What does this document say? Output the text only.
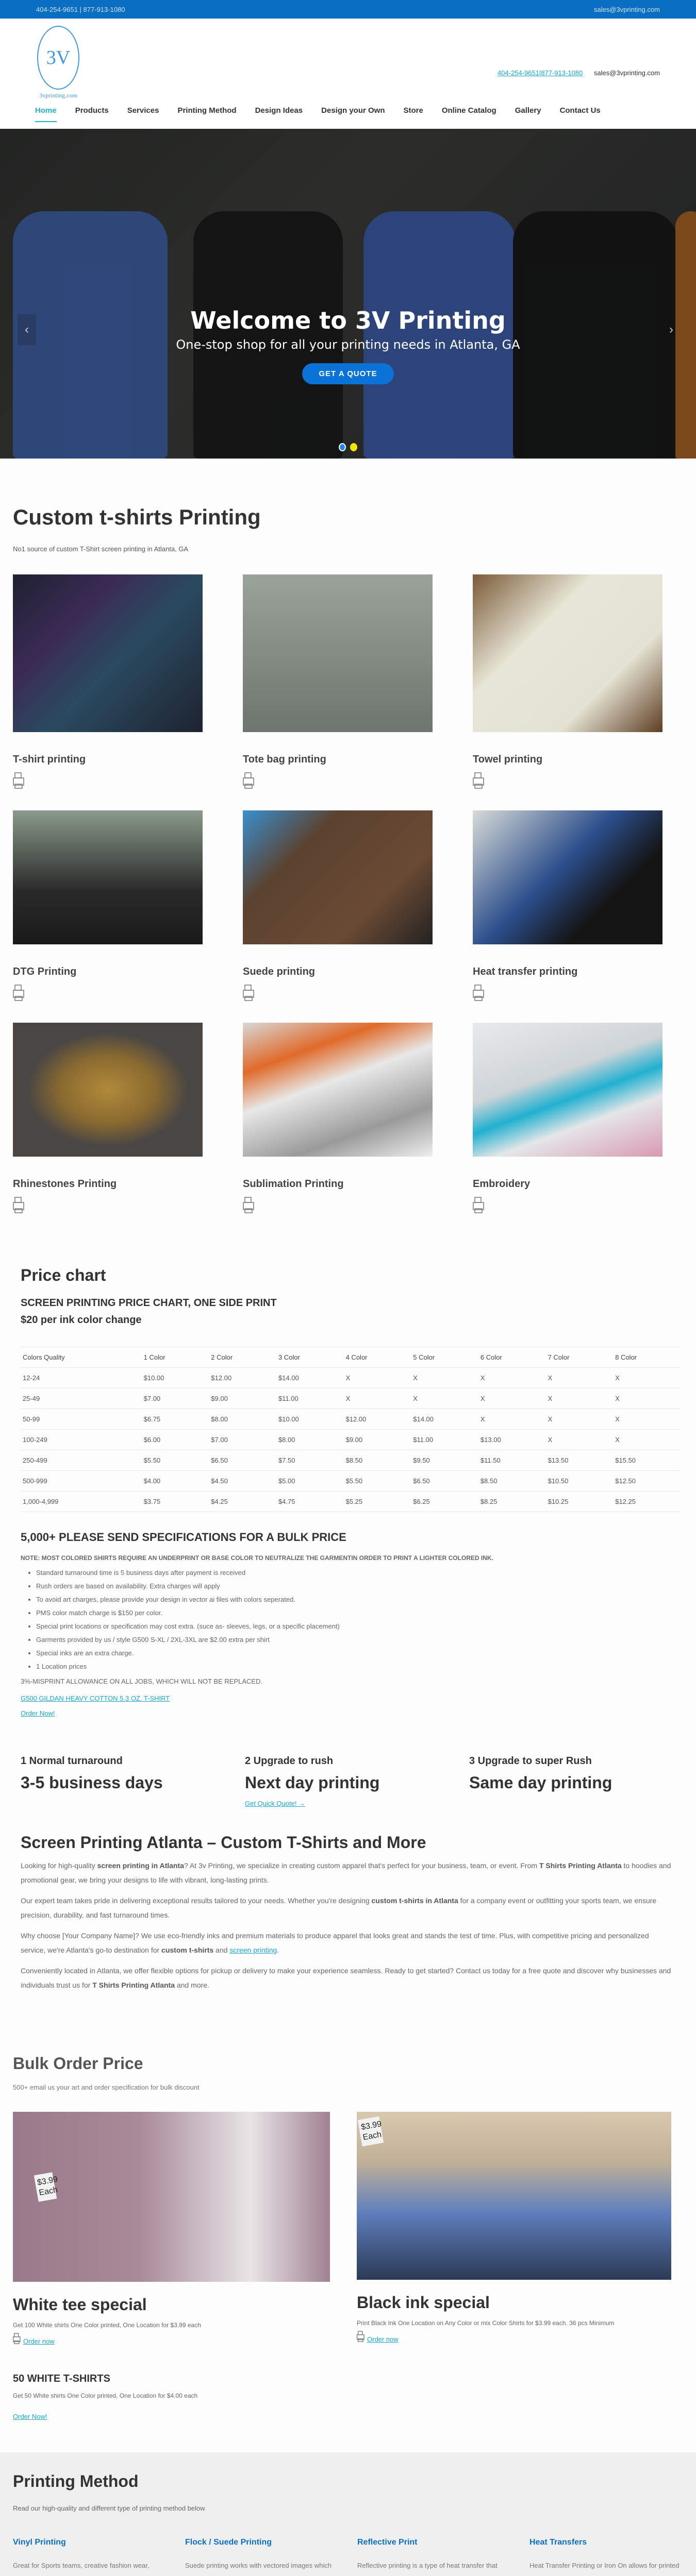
404-254-9651 | 877-913-1080	sales@3vprinting.com
3V
3vprinting.com
404-254-9651|877-913-1080 sales@3vprinting.com
Home Products Services Printing Method Design Ideas Design your Own Store Online Catalog Gallery Contact Us
Welcome to 3V Printing
One-stop shop for all your printing needs in Atlanta, GA
GET A QUOTE
‹	›

Custom t-shirts Printing
No1 source of custom T-Shirt screen printing in Atlanta, GA
T-shirt printing	Tote bag printing	Towel printing
DTG Printing	Suede printing	Heat transfer printing
Rhinestones Printing	Sublimation Printing	Embroidery
Price chart
SCREEN PRINTING PRICE CHART, ONE SIDE PRINT
$20 per ink color change
Colors Quality	1 Color	2 Color	3 Color	4 Color	5 Color	6 Color	7 Color	8 Color
12-24	$10.00	$12.00	$14.00	X	X	X	X	X
25-49	$7.00	$9.00	$11.00	X	X	X	X	X
50-99	$6.75	$8.00	$10.00	$12.00	$14.00	X	X	X
100-249	$6.00	$7.00	$8.00	$9.00	$11.00	$13.00	X	X
250-499	$5.50	$6.50	$7.50	$8.50	$9.50	$11.50	$13.50	$15.50
500-999	$4.00	$4.50	$5.00	$5.50	$6.50	$8.50	$10.50	$12.50
1,000-4,999	$3.75	$4.25	$4.75	$5.25	$6.25	$8.25	$10.25	$12.25
5,000+ PLEASE SEND SPECIFICATIONS FOR A BULK PRICE
NOTE: MOST COLORED SHIRTS REQUIRE AN UNDERPRINT OR BASE COLOR TO NEUTRALIZE THE GARMENTIN ORDER TO PRINT A LIGHTER COLORED INK.
• Standard turnaround time is 5 business days after payment is received
• Rush orders are based on availability. Extra charges will apply
• To avoid art charges, please provide your design in vector ai files with colors seperated.
• PMS color match charge is $150 per color.
• Special print locations or specification may cost extra. (suce as- sleeves, legs, or a specific placement)
• Garments provided by us / style G500 S-XL / 2XL-3XL are $2.00 extra per shirt
• Special inks are an extra charge.
• 1 Location prices
3%-MISPRINT ALLOWANCE ON ALL JOBS, WHICH WILL NOT BE REPLACED.
G500 GILDAN HEAVY COTTON 5.3 OZ. T-SHIRT
Order Now!
1 Normal turnaround
3-5 business days
2 Upgrade to rush
Next day printing
Get Quick Quote! →
3 Upgrade to super Rush
Same day printing
Screen Printing Atlanta – Custom T-Shirts and More

Looking for high-quality screen printing in Atlanta? At 3v Printing, we specialize in creating custom apparel that's perfect for your business, team, or event. From T Shirts Printing Atlanta to hoodies and promotional gear, we bring your designs to life with vibrant, long-lasting prints.

Our expert team takes pride in delivering exceptional results tailored to your needs. Whether you're designing custom t-shirts in Atlanta for a company event or outfitting your sports team, we ensure precision, durability, and fast turnaround times.

Why choose [Your Company Name]? We use eco-friendly inks and premium materials to produce apparel that looks great and stands the test of time. Plus, with competitive pricing and personalized service, we're Atlanta's go-to destination for custom t-shirts and screen printing.

Conveniently located in Atlanta, we offer flexible options for pickup or delivery to make your experience seamless. Ready to get started? Contact us today for a free quote and discover why businesses and individuals trust us for T Shirts Printing Atlanta and more.

Bulk Order Price
500+ email us your art and order specification for bulk discount
$3.99 Each
White tee special
Get 100 White shirts One Color printed, One Location for $3.99 each
Order now
$3.99 Each
Black ink special
Print Black Ink One Location on Any Color or mix Color Shirts for $3.99 each. 36 pcs Minimum
Order now
50 WHITE T-SHIRTS

Get 50 White shirts One Color printed, One Location for $4.00 each

Order Now!
Printing Method
Read our high-quality and different type of printing method below
Vinyl Printing

Great for Sports teams, creative fashion wear,

Flock / Suede Printing

Suede printing works with vectored images which

Reflective Print

Reflective printing is a type of heat transfer that

Heat Transfers

Heat Transfer Printing or Iron On allows for printed
